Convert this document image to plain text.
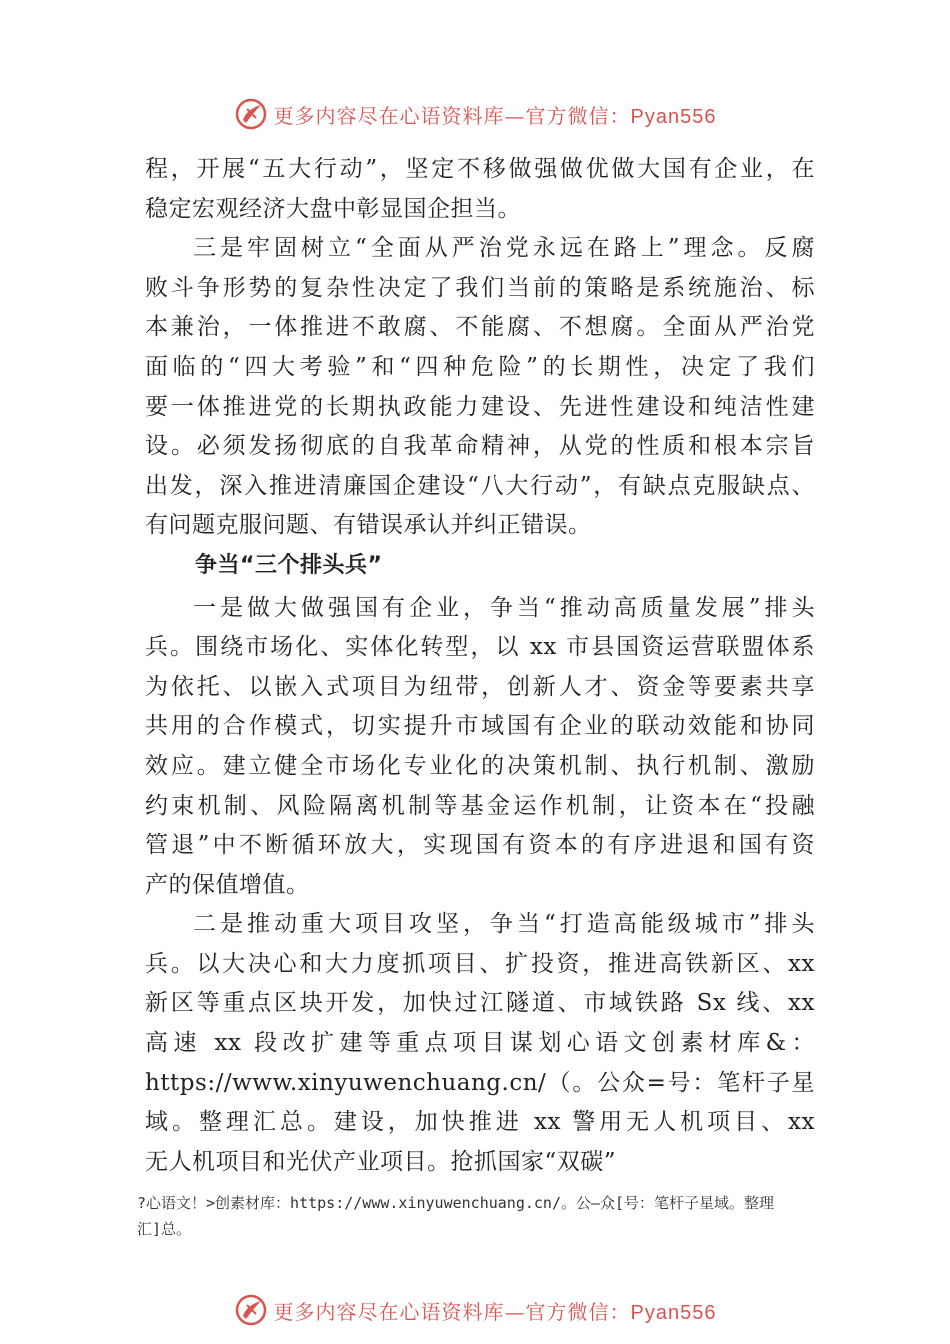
更多内容尽在心语资料库—官方微信：Pyan556
程，开展“五大行动”，坚定不移做强做优做大国有企业，在
稳定宏观经济大盘中彰显国企担当。
三是牢固树立“全面从严治党永远在路上”理念。反腐
败斗争形势的复杂性决定了我们当前的策略是系统施治、标
本兼治，一体推进不敢腐、不能腐、不想腐。全面从严治党
面临的“四大考验”和“四种危险”的长期性，决定了我们
要一体推进党的长期执政能力建设、先进性建设和纯洁性建
设。必须发扬彻底的自我革命精神，从党的性质和根本宗旨
出发，深入推进清廉国企建设“八大行动”，有缺点克服缺点、
有问题克服问题、有错误承认并纠正错误。
争当“三个排头兵”
一是做大做强国有企业，争当“推动高质量发展”排头
兵。围绕市场化、实体化转型，以 xx 市县国资运营联盟体系
为依托、以嵌入式项目为纽带，创新人才、资金等要素共享
共用的合作模式，切实提升市域国有企业的联动效能和协同
效应。建立健全市场化专业化的决策机制、执行机制、激励
约束机制、风险隔离机制等基金运作机制，让资本在“投融
管退”中不断循环放大，实现国有资本的有序进退和国有资
产的保值增值。
二是推动重大项目攻坚，争当“打造高能级城市”排头
兵。以大决心和大力度抓项目、扩投资，推进高铁新区、xx
新区等重点区块开发，加快过江隧道、市域铁路 Sx 线、xx
高速 xx 段改扩建等重点项目谋划心语文创素材库&：
https://www.xinyuwenchuang.cn/（。公众=号：笔杆子星
域。整理汇总。建设，加快推进 xx 警用无人机项目、xx
无人机项目和光伏产业项目。抢抓国家“双碳”
?心语文！>创素材库：https://www.xinyuwenchuang.cn/。公—众[号：笔杆子星域。整理
汇]总。
更多内容尽在心语资料库—官方微信：Pyan556
